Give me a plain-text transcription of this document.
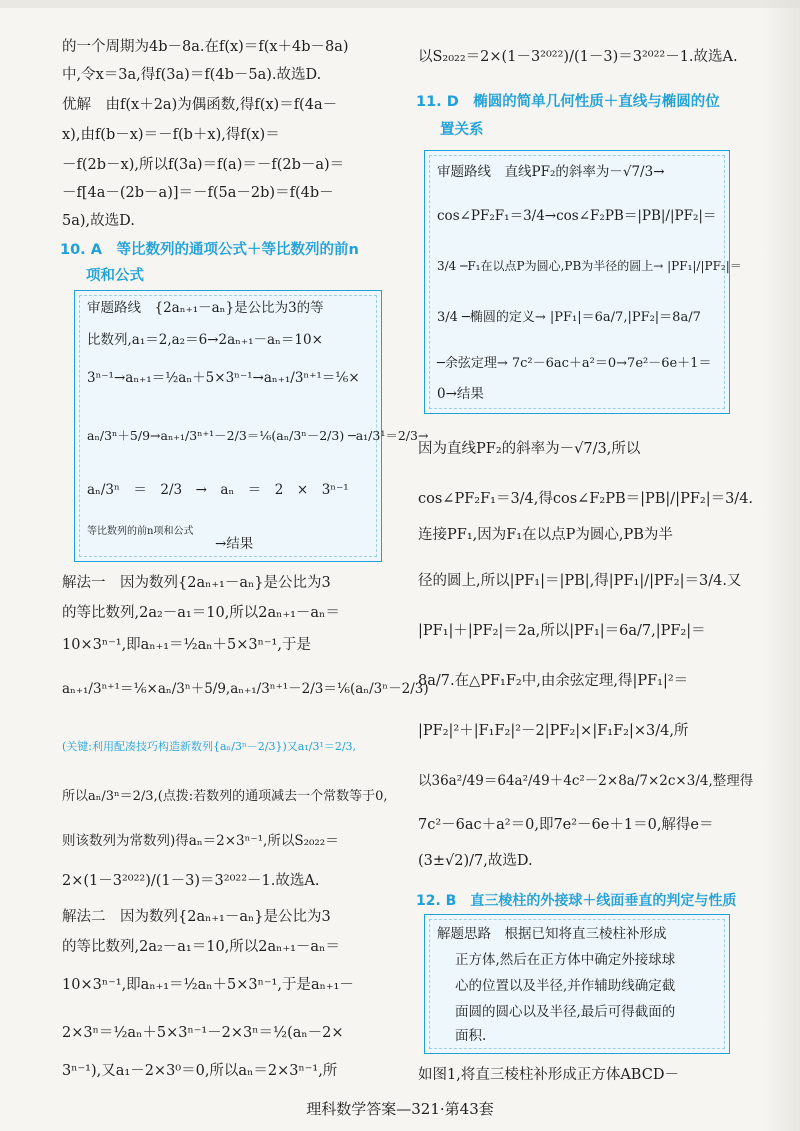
的一个周期为4b－8a.在f(x)＝f(x＋4b－8a)
中,令x＝3a,得f(3a)＝f(4b－5a).故选D.
优解　由f(x＋2a)为偶函数,得f(x)＝f(4a－
x),由f(b－x)＝－f(b＋x),得f(x)＝
－f(2b－x),所以f(3a)＝f(a)＝－f(2b－a)＝
－f[4a－(2b－a)]＝－f(5a－2b)＝f(4b－
5a),故选D.
10. A　等比数列的通项公式＋等比数列的前n
项和公式
审题路线　{2aₙ₊₁－aₙ}是公比为3的等
比数列,a₁＝2,a₂＝6→2aₙ₊₁－aₙ＝10×
3ⁿ⁻¹→aₙ₊₁＝½aₙ＋5×3ⁿ⁻¹→aₙ₊₁/3ⁿ⁺¹＝⅙×
aₙ/3ⁿ＋5/9→aₙ₊₁/3ⁿ⁺¹－2/3＝⅙(aₙ/3ⁿ－2/3) ─a₁/3¹＝2/3→
aₙ/3ⁿ　＝　2/3　→　aₙ　＝　2　×　3ⁿ⁻¹
等比数列的前n项和公式
→结果
解法一　因为数列{2aₙ₊₁－aₙ}是公比为3
的等比数列,2a₂－a₁＝10,所以2aₙ₊₁－aₙ＝
10×3ⁿ⁻¹,即aₙ₊₁＝½aₙ＋5×3ⁿ⁻¹,于是
aₙ₊₁/3ⁿ⁺¹＝⅙×aₙ/3ⁿ＋5/9,aₙ₊₁/3ⁿ⁺¹－2/3＝⅙(aₙ/3ⁿ－2/3)
(关键:利用配凑技巧构造新数列{aₙ/3ⁿ－2/3})又a₁/3¹＝2/3,
所以aₙ/3ⁿ＝2/3,(点拨:若数列的通项减去一个常数等于0,
则该数列为常数列)得aₙ＝2×3ⁿ⁻¹,所以S₂₀₂₂＝
2×(1－3²⁰²²)/(1－3)＝3²⁰²²－1.故选A.
解法二　因为数列{2aₙ₊₁－aₙ}是公比为3
的等比数列,2a₂－a₁＝10,所以2aₙ₊₁－aₙ＝
10×3ⁿ⁻¹,即aₙ₊₁＝½aₙ＋5×3ⁿ⁻¹,于是aₙ₊₁－
2×3ⁿ＝½aₙ＋5×3ⁿ⁻¹－2×3ⁿ＝½(aₙ－2×
3ⁿ⁻¹),又a₁－2×3⁰＝0,所以aₙ＝2×3ⁿ⁻¹,所
以S₂₀₂₂＝2×(1－3²⁰²²)/(1－3)＝3²⁰²²－1.故选A.
11. D　椭圆的简单几何性质＋直线与椭圆的位
置关系
审题路线　直线PF₂的斜率为－√7/3→
cos∠PF₂F₁＝3/4→cos∠F₂PB＝|PB|/|PF₂|＝
3/4 ─F₁在以点P为圆心,PB为半径的圆上→ |PF₁|/|PF₂|＝
3/4 ─椭圆的定义→ |PF₁|＝6a/7,|PF₂|＝8a/7
─余弦定理→ 7c²－6ac＋a²＝0→7e²－6e＋1＝
0→结果
因为直线PF₂的斜率为－√7/3,所以
cos∠PF₂F₁＝3/4,得cos∠F₂PB＝|PB|/|PF₂|＝3/4.
连接PF₁,因为F₁在以点P为圆心,PB为半
径的圆上,所以|PF₁|＝|PB|,得|PF₁|/|PF₂|＝3/4.又
|PF₁|＋|PF₂|＝2a,所以|PF₁|＝6a/7,|PF₂|＝
8a/7.在△PF₁F₂中,由余弦定理,得|PF₁|²＝
|PF₂|²＋|F₁F₂|²－2|PF₂|×|F₁F₂|×3/4,所
以36a²/49＝64a²/49＋4c²－2×8a/7×2c×3/4,整理得
7c²－6ac＋a²＝0,即7e²－6e＋1＝0,解得e＝
(3±√2)/7,故选D.
12. B　直三棱柱的外接球＋线面垂直的判定与性质
解题思路　根据已知将直三棱柱补形成
正方体,然后在正方体中确定外接球球
心的位置以及半径,并作辅助线确定截
面圆的圆心以及半径,最后可得截面的
面积.
如图1,将直三棱柱补形成正方体ABCD－
理科数学答案—321·第43套
